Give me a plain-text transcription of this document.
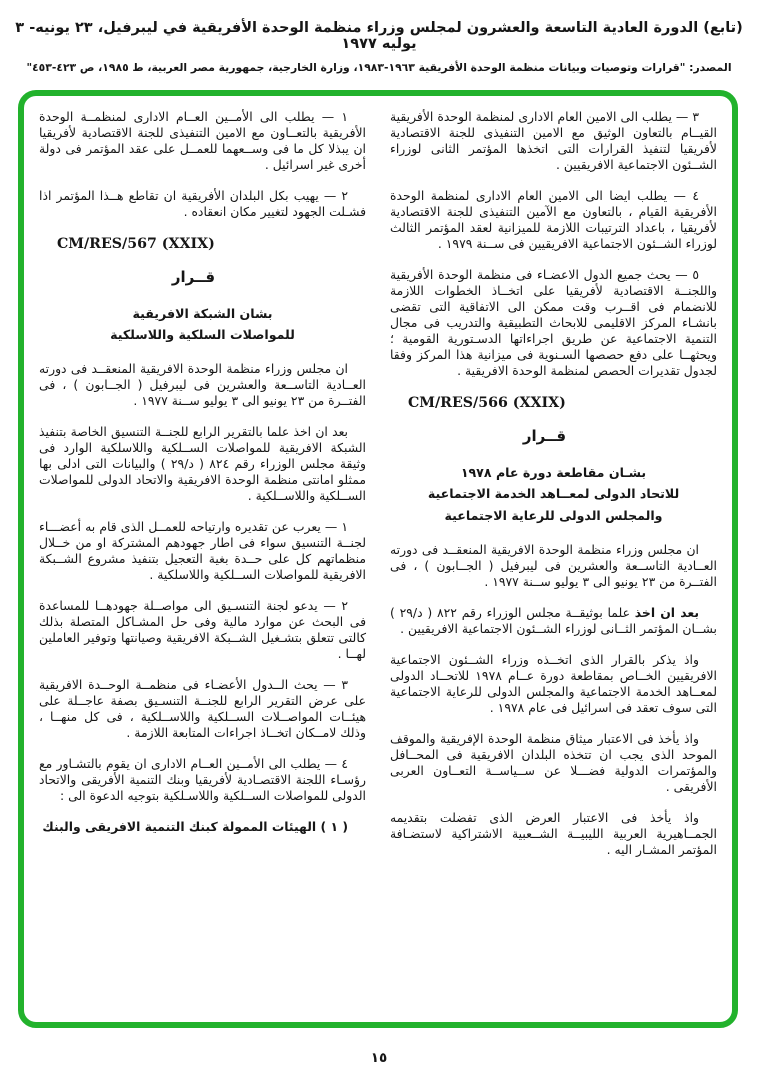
(تابع) الدورة العادية التاسعة والعشرون لمجلس وزراء منظمة الوحدة الأفريقية في ليبرفيل، ٢٣ يونيه- ٣ يوليه ١٩٧٧
المصدر: "قرارات وتوصيات وبيانات منظمة الوحدة الأفريقية ١٩٦٣-١٩٨٣، وزارة الخارجية، جمهورية مصر العربية، ط ١٩٨٥، ص ٤٢٣-٤٥٣"

١ — يطلب الى الأمــين العــام الادارى لمنظمــة الوحدة الأفريقية بالتعــاون مع الامين التنفيذى للجنة الاقتصادية لأفريقيا ان يبذلا كل ما فى وســعهما للعمــل على عقد المؤتمر فى دولة أخرى غير اسرائيل .

٢ — يهيب بكل البلدان الأفريقية ان تقاطع هــذا المؤتمر اذا فشـلت الجهود لتغيير مكان انعقاده .

CM/RES/567 (XXIX)

قــرار

بشان الشبكة الافريقية
للمواصلات السلكية واللاسلكية

ان مجلس وزراء منظمة الوحدة الافريقية المنعقــد فى دورته العــادية التاســعة والعشرين فى ليبرفيل ( الجــابون ) ، فى الفتــرة من ٢٣ يونيو الى ٣ يوليو ســنة ١٩٧٧ .

بعد ان اخذ علما بالتقرير الرابع للجنــة التنسيق الخاصة بتنفيذ الشبكة الافريقية للمواصلات الســلكية واللاسلكية الوارد فى وثيقة مجلس الوزراء رقم ٨٢٤ ( د/٢٩ ) والبيانات التى ادلى بها ممثلو امانتى منظمة الوحدة الافريقية والاتحاد الدولى للمواصلات الســلكية واللاســلكية .

١ — يعرب عن تقديره وارتياحه للعمــل الذى قام به أعضـــاء لجنــة التنسيق سواء فى اطار جهودهم المشتركة او من خــلال منظماتهم كل على حــدة بغية التعجيل بتنفيذ مشروع الشــبكة الافريقية للمواصلات الســلكية واللاسلكية .

٢ — يدعو لجنة التنسـيق الى مواصــلة جهودهــا للمساعدة فى البحث عن موارد مالية وفى حل المشـاكل المتصلة بذلك كالتى تتعلق بتشـغيل الشــبكة الافريقية وصيانتها وتوفير العاملين لهــا .

٣ — يحث الــدول الأعضـاء فى منظمــة الوحــدة الافريقية على عرض التقرير الرابع للجنــة التنسـيق بصفة عاجــلة على هيئــات المواصــلات الســلكية واللاســلكية ، فى كل منهــا ، وذلك لامــكان اتخــاذ اجراءات المتابعة اللازمة .

٤ — يطلب الى الأمــين العــام الادارى ان يقوم بالتشـاور مع رؤسـاء اللجنة الاقتصـادية لأفريقيا وبنك التنمية الأفريقى والاتحاد الدولى للمواصلات الســلكية واللاسـلكية بتوجيه الدعوة الى :

( ١ ) الهيئات الممولة كبنك التنمية الافريقى والبنك

٣ — يطلب الى الامين العام الادارى لمنظمة الوحدة الأفريقية القيــام بالتعاون الوثيق مع الامين التنفيذى للجنة الاقتصادية لأفريقيا لتنفيذ القرارات التى اتخذها المؤتمر الثانى لوزراء الشــئون الاجتماعية الافريقيين .

٤ — يطلب ايضا الى الامين العام الادارى لمنظمة الوحدة الأفريقية القيام ، بالتعاون مع الآمين التنفيذى للجنة الاقتصادية لأفريقيا ، باعداد الترتيبات اللازمة للميزانية لعقد المؤتمر الثالث لوزراء الشــئون الاجتماعية الافريقيين فى ســنة ١٩٧٩ .

٥ — يحث جميع الدول الاعضـاء فى منظمة الوحدة الأفريقية واللجنــة الاقتصادية لأفريقيا على اتخــاذ الخطوات اللازمة للانضمام فى اقــرب وقت ممكن الى الاتفاقية التى تقضى بانشـاء المركز الاقليمى للابحاث التطبيقية والتدريب فى مجال التنمية الاجتماعية عن طريق اجراءاتها الدسـتورية القومية ؛ ويحثهــا على دفع حصصها السـنوية فى ميزانية هذا المركز وفقا لجدول تقديرات الحصص لمنظمة الوحدة الافريقية .

CM/RES/566 (XXIX)

قــرار

بشـان مقاطعة دورة عام ١٩٧٨
للاتحاد الدولى لمعــاهد الخدمة الاجتماعية
والمجلس الدولى للرعاية الاجتماعية

ان مجلس وزراء منظمة الوحدة الافريقية المنعقــد فى دورته العــادية التاســعة والعشرين فى ليبرفيل ( الجــابون ) ، فى الفتــرة من ٢٣ يونيو الى ٣ يوليو ســنة ١٩٧٧ .

بعد ان اخذ علما بوثيقــة مجلس الوزراء رقم ٨٢٢ ( د/٢٩ ) بشــان المؤتمر الثــانى لوزراء الشــئون الاجتماعية الافريقيين .

واذ يذكر بالقرار الذى اتخــذه وزراء الشــئون الاجتماعية الافريقيين الخــاص بمقاطعة دورة عــام ١٩٧٨ للاتحــاد الدولى لمعــاهد الخدمة الاجتماعية والمجلس الدولى للرعاية الاجتماعية التى سوف تعقد فى اسرائيل فى عام ١٩٧٨ .

واذ يأخذ فى الاعتبار ميثاق منظمة الوحدة الإفريقية والموقف الموحد الذى يجب ان تتخذه البلدان الافريقية فى المحــافل والمؤتمرات الدولية فضـــلا عن ســياســة التعــاون العربى الأفريقى .

واذ يأخذ فى الاعتبار العرض الذى تفضلت بتقديمه الجمــاهيرية العربية الليبيــة الشــعبية الاشتراكية لاستضـافة المؤتمر المشـار اليه .

١٥
